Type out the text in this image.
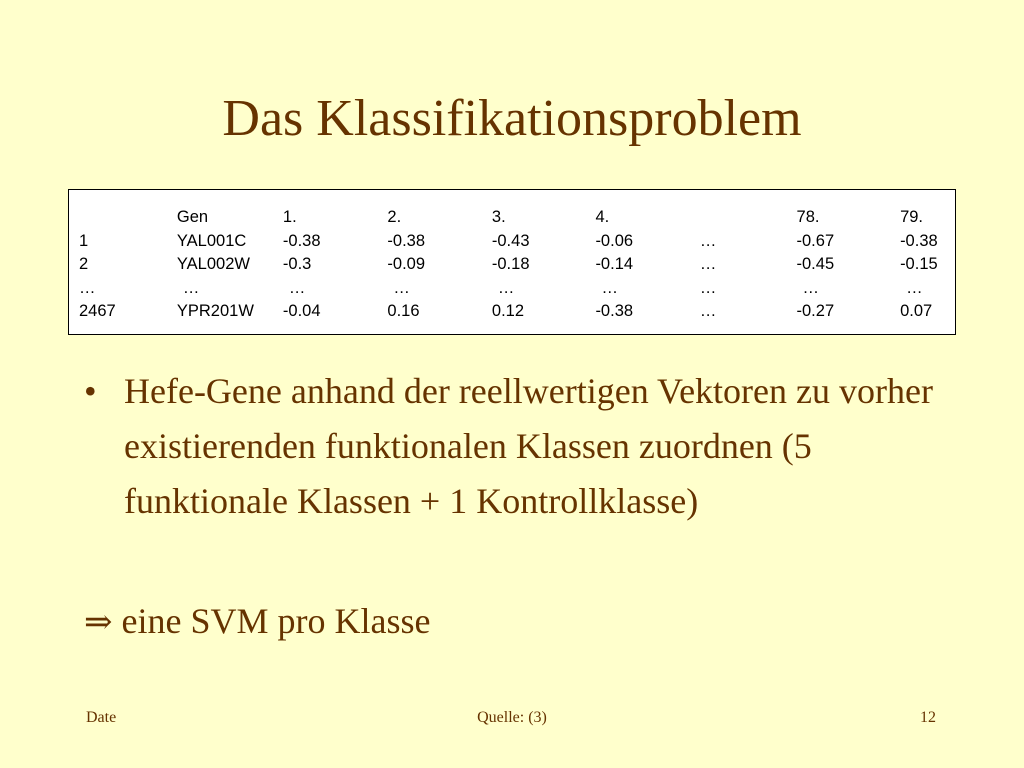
Das Klassifikationsproblem
	Gen	1.	2.	3.	4.		78.	79.
1	YAL001C	-0.38	-0.38	-0.43	-0.06	…	-0.67	-0.38
2	YAL002W	-0.3	-0.09	-0.18	-0.14	…	-0.45	-0.15
…	…	…	…	…	…	…	…	…
2467	YPR201W	-0.04	0.16	0.12	-0.38	…	-0.27	0.07
• Hefe-Gene anhand der reellwertigen Vektoren zu vorher existierenden funktionalen Klassen zuordnen (5 funktionale Klassen + 1 Kontrollklasse)
⇒ eine SVM pro Klasse
Date	Quelle: (3)	12
